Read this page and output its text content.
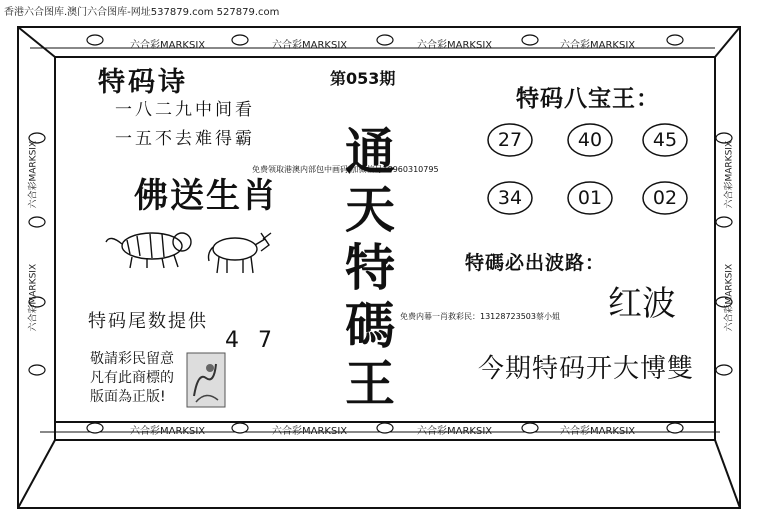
香港六合图库.澳门六合图库-网址537879.com 527879.com
六合彩MARKSIX	六合彩MARKSIX	六合彩MARKSIX	六合彩MARKSIX
六合彩MARKSIX	六合彩MARKSIX	六合彩MARKSIX	六合彩MARKSIX
六合彩MARKSIX
六合彩MARKSIX
六合彩MARKSIX
六合彩MARKSIX
特码诗
一八二九中间看
一五不去难得霸
佛送生肖
特码尾数提供
4 7
敬請彩民留意
凡有此商標的
版面為正版!
第053期
通
天
特
碼
王
免费领取港澳内部包中画码 加微信号18960310795
免费内幕一肖救彩民：13128723503蔡小姐
特码八宝王：
27	40	45
34	01	02
特碼必出波路：
红波
今期特码开大博雙
